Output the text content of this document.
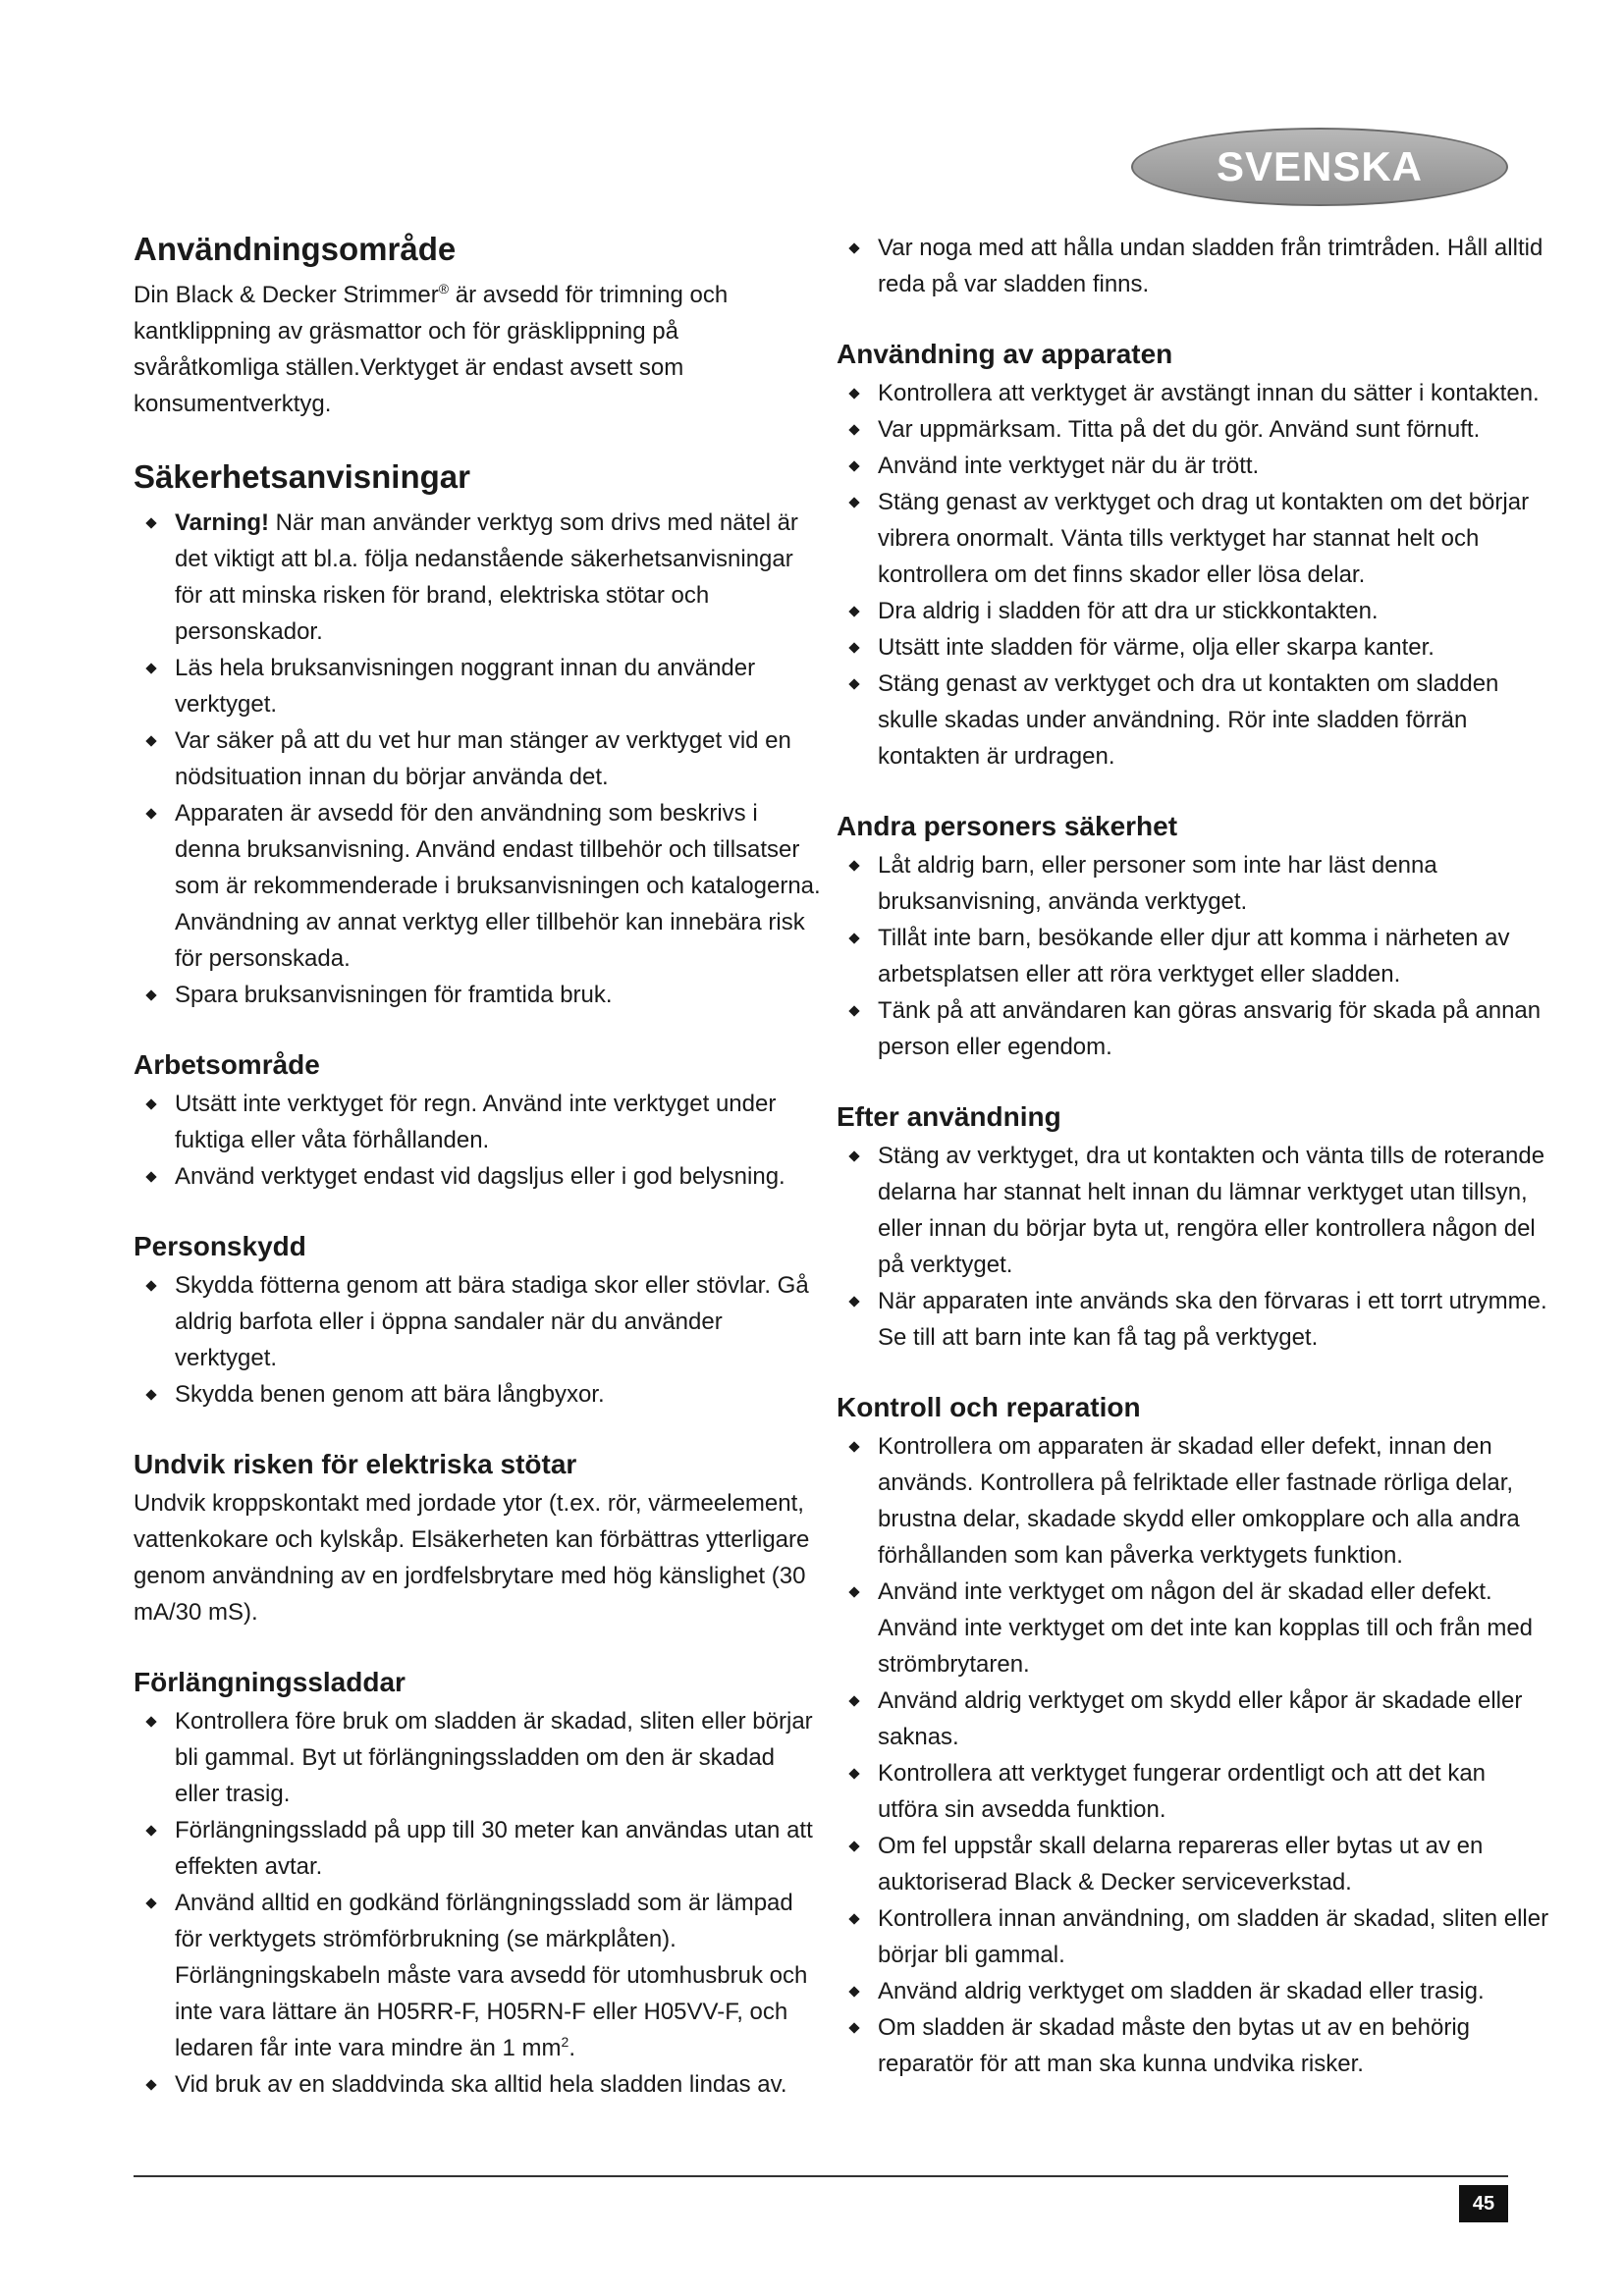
SVENSKA
Användningsområde

Din Black & Decker Strimmer® är avsedd för trimning och kantklippning av gräsmattor och för gräsklippning på svåråtkomliga ställen.Verktyget är endast avsett som konsumentverktyg.

Säkerhetsanvisningar
Varning! När man använder verktyg som drivs med nätel är det viktigt att bl.a. följa nedanstående säkerhetsanvisningar för att minska risken för brand, elektriska stötar och personskador.
Läs hela bruksanvisningen noggrant innan du använder verktyget.
Var säker på att du vet hur man stänger av verktyget vid en nödsituation innan du börjar använda det.
Apparaten är avsedd för den användning som beskrivs i denna bruksanvisning. Använd endast tillbehör och tillsatser som är rekommenderade i bruksanvisningen och katalogerna. Användning av annat verktyg eller tillbehör kan innebära risk för personskada.
Spara bruksanvisningen för framtida bruk.
Arbetsområde
Utsätt inte verktyget för regn. Använd inte verktyget under fuktiga eller våta förhållanden.
Använd verktyget endast vid dagsljus eller i god belysning.
Personskydd
Skydda fötterna genom att bära stadiga skor eller stövlar. Gå aldrig barfota eller i öppna sandaler när du använder verktyget.
Skydda benen genom att bära långbyxor.
Undvik risken för elektriska stötar

Undvik kroppskontakt med jordade ytor (t.ex. rör, värmeelement, vattenkokare och kylskåp. Elsäkerheten kan förbättras ytterligare genom användning av en jordfelsbrytare med hög känslighet (30 mA/30 mS).

Förlängningssladdar
Kontrollera före bruk om sladden är skadad, sliten eller börjar bli gammal. Byt ut förlängningssladden om den är skadad eller trasig.
Förlängningssladd på upp till 30 meter kan användas utan att effekten avtar.
Använd alltid en godkänd förlängningssladd som är lämpad för verktygets strömförbrukning (se märkplåten). Förlängningskabeln måste vara avsedd för utomhusbruk och inte vara lättare än H05RR-F, H05RN-F eller H05VV-F, och ledaren får inte vara mindre än 1 $mm^2$.
Vid bruk av en sladdvinda ska alltid hela sladden lindas av.
Var noga med att hålla undan sladden från trimtråden. Håll alltid reda på var sladden finns.
Användning av apparaten
Kontrollera att verktyget är avstängt innan du sätter i kontakten.
Var uppmärksam. Titta på det du gör. Använd sunt förnuft.
Använd inte verktyget när du är trött.
Stäng genast av verktyget och drag ut kontakten om det börjar vibrera onormalt. Vänta tills verktyget har stannat helt och kontrollera om det finns skador eller lösa delar.
Dra aldrig i sladden för att dra ur stickkontakten.
Utsätt inte sladden för värme, olja eller skarpa kanter.
Stäng genast av verktyget och dra ut kontakten om sladden skulle skadas under användning. Rör inte sladden förrän kontakten är urdragen.
Andra personers säkerhet
Låt aldrig barn, eller personer som inte har läst denna bruksanvisning, använda verktyget.
Tillåt inte barn, besökande eller djur att komma i närheten av arbetsplatsen eller att röra verktyget eller sladden.
Tänk på att användaren kan göras ansvarig för skada på annan person eller egendom.
Efter användning
Stäng av verktyget, dra ut kontakten och vänta tills de roterande delarna har stannat helt innan du lämnar verktyget utan tillsyn, eller innan du börjar byta ut, rengöra eller kontrollera någon del på verktyget.
När apparaten inte används ska den förvaras i ett torrt utrymme. Se till att barn inte kan få tag på verktyget.
Kontroll och reparation
Kontrollera om apparaten är skadad eller defekt, innan den används. Kontrollera på felriktade eller fastnade rörliga delar, brustna delar, skadade skydd eller omkopplare och alla andra förhållanden som kan påverka verktygets funktion.
Använd inte verktyget om någon del är skadad eller defekt. Använd inte verktyget om det inte kan kopplas till och från med strömbrytaren.
Använd aldrig verktyget om skydd eller kåpor är skadade eller saknas.
Kontrollera att verktyget fungerar ordentligt och att det kan utföra sin avsedda funktion.
Om fel uppstår skall delarna repareras eller bytas ut av en auktoriserad Black & Decker serviceverkstad.
Kontrollera innan användning, om sladden är skadad, sliten eller börjar bli gammal.
Använd aldrig verktyget om sladden är skadad eller trasig.
Om sladden är skadad måste den bytas ut av en behörig reparatör för att man ska kunna undvika risker.
45
